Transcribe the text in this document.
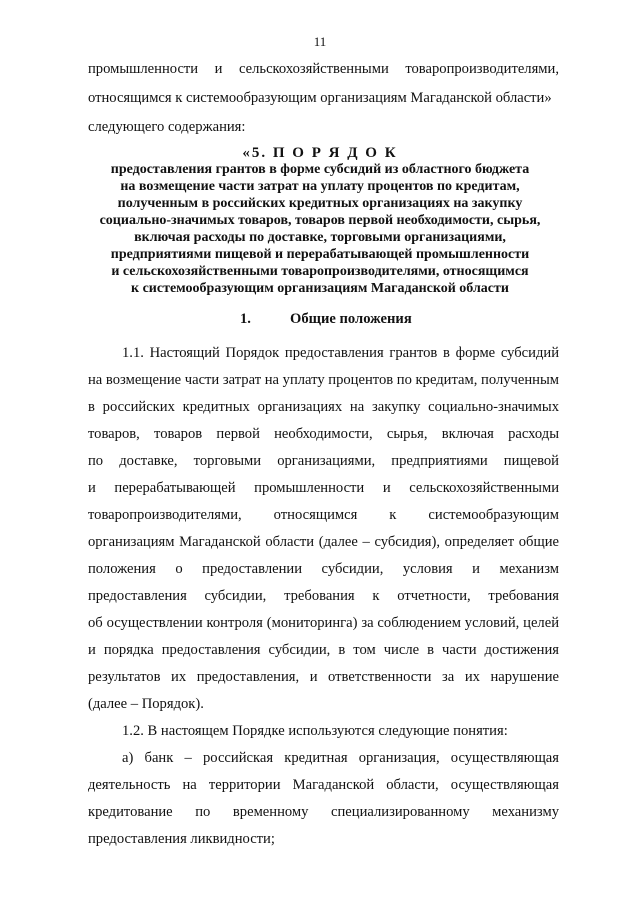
11
промышленности и сельскохозяйственными товаропроизводителями,
относящимся к системообразующим организациям Магаданской области»
следующего содержания:
«5. П О Р Я Д О К
предоставления грантов в форме субсидий из областного бюджета
на возмещение части затрат на уплату процентов по кредитам,
полученным в российских кредитных организациях на закупку
социально-значимых товаров, товаров первой необходимости, сырья,
включая расходы по доставке, торговыми организациями,
предприятиями пищевой и перерабатывающей промышленности
и сельскохозяйственными товаропроизводителями, относящимся
к системообразующим организациям Магаданской области
1.	Общие положения
1.1. Настоящий Порядок предоставления грантов в форме субсидий
на возмещение части затрат на уплату процентов по кредитам, полученным
в российских кредитных организациях на закупку социально-значимых
товаров, товаров первой необходимости, сырья, включая расходы
по доставке, торговыми организациями, предприятиями пищевой
и перерабатывающей промышленности и сельскохозяйственными
товаропроизводителями, относящимся к системообразующим
организациям Магаданской области (далее – субсидия), определяет общие
положения о предоставлении субсидии, условия и механизм
предоставления субсидии, требования к отчетности, требования
об осуществлении контроля (мониторинга) за соблюдением условий, целей
и порядка предоставления субсидии, в том числе в части достижения
результатов их предоставления, и ответственности за их нарушение
(далее – Порядок).
1.2. В настоящем Порядке используются следующие понятия:
а) банк – российская кредитная организация, осуществляющая
деятельность на территории Магаданской области, осуществляющая
кредитование по временному специализированному механизму
предоставления ликвидности;
